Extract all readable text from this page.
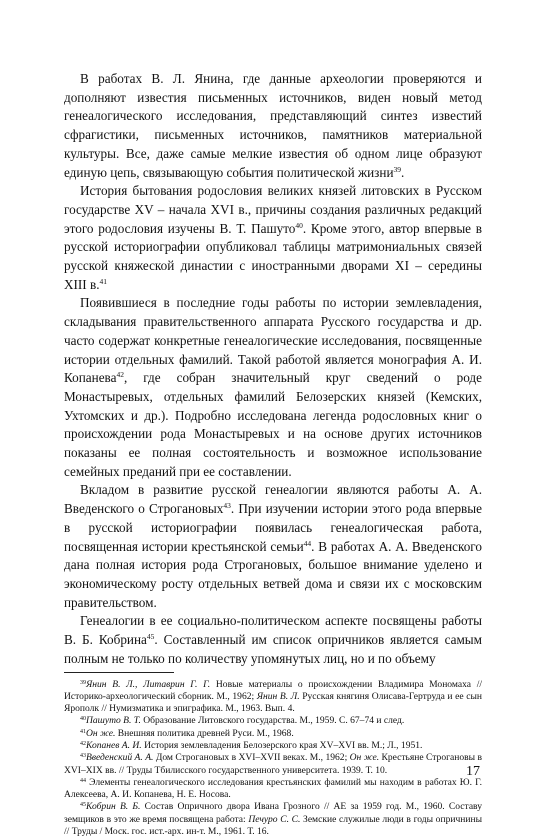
В работах В. Л. Янина, где данные археологии проверяются и дополняют известия письменных источников, виден новый метод генеалогического исследования, представляющий синтез известий сфрагистики, письменных источников, памятников материальной культуры. Все, даже самые мелкие известия об одном лице образуют единую цепь, связывающую события политической жизни$^{39}$.

История бытования родословия великих князей литовских в Русском государстве XV – начала XVI в., причины создания различных редакций этого родословия изучены В. Т. Пашуто$^{40}$. Кроме этого, автор впервые в русской историографии опубликовал таблицы матримониальных связей русской княжеской династии с иностранными дворами XI – середины XIII в.$^{41}$

Появившиеся в последние годы работы по истории землевладения, складывания правительственного аппарата Русского государства и др. часто содержат конкретные генеалогические исследования, посвященные истории отдельных фамилий. Такой работой является монография А. И. Копанева$^{42}$, где собран значительный круг сведений о роде Монастыревых, отдельных фамилий Белозерских князей (Кемских, Ухтомских и др.). Подробно исследована легенда родословных книг о происхождении рода Монастыревых и на основе других источников показаны ее полная состоятельность и возможное использование семейных преданий при ее составлении.

Вкладом в развитие русской генеалогии являются работы А. А. Введенского о Строгановых$^{43}$. При изучении истории этого рода впервые в русской историографии появилась генеалогическая работа, посвященная истории крестьянской семьи$^{44}$. В работах А. А. Введенского дана полная история рода Строгановых, большое внимание уделено и экономическому росту отдельных ветвей дома и связи их с московским правительством.

Генеалогии в ее социально-политическом аспекте посвящены работы В. Б. Кобрина$^{45}$. Составленный им список опричников является самым полным не только по количеству упомянутых лиц, но и по объему

$^{39}$Янин В. Л., Литаврин Г. Г. Новые материалы о происхождении Владимира Мономаха // Историко-археологический сборник. М., 1962; Янин В. Л. Русская княгиня Олисава-Гертруда и ее сын Ярополк // Нумизматика и эпиграфика. М., 1963. Вып. 4.

$^{40}$Пашуто В. Т. Образование Литовского государства. М., 1959. С. 67–74 и след.

$^{41}$Он же. Внешняя политика древней Руси. М., 1968.

$^{42}$Копанев А. И. История землевладения Белозерского края XV–XVI вв. М.; Л., 1951.

$^{43}$Введенский А. А. Дом Строгановых в XVI–XVII веках. М., 1962; Он же. Крестьяне Строгановы в XVI–XIX вв. // Труды Тбилисского государственного университета. 1939. Т. 10.

$^{44}$ Элементы генеалогического исследования крестьянских фамилий мы находим в работах Ю. Г. Алексеева, А. И. Копанева, Н. Е. Носова.

$^{45}$Кобрин В. Б. Состав Опричного двора Ивана Грозного // АЕ за 1959 год. М., 1960. Составу земщиков в это же время посвящена работа: Печуро С. С. Земские служилые люди в годы опричнины // Труды / Моск. гос. ист.-арх. ин-т. М., 1961. Т. 16.

17
